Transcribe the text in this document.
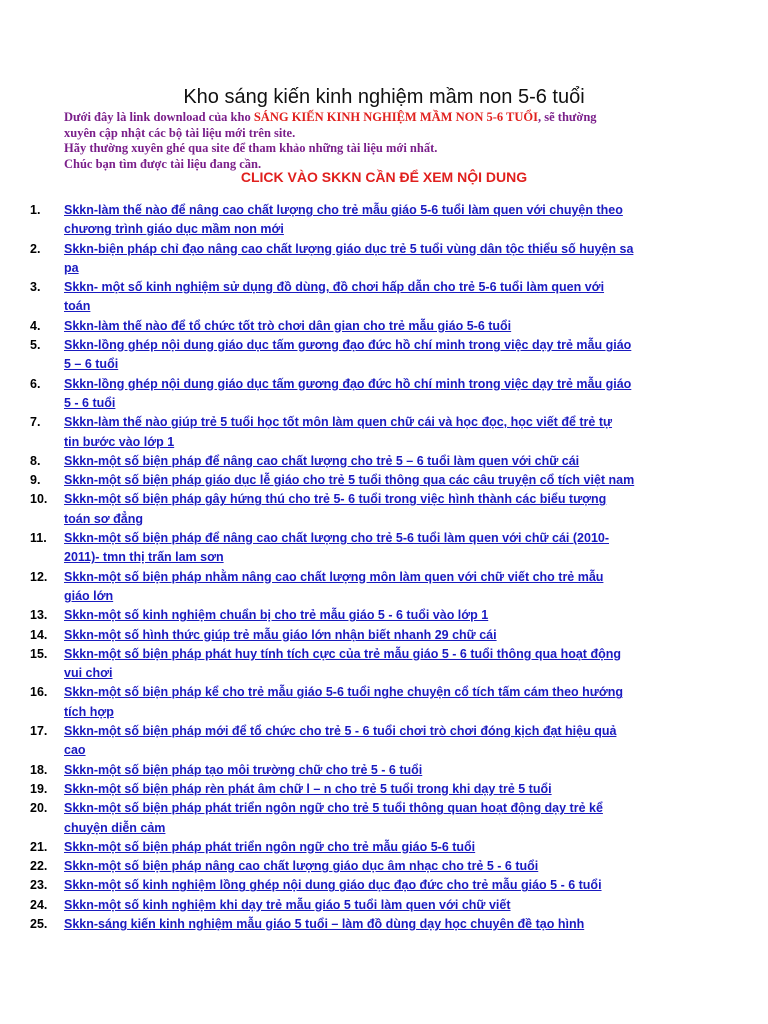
Kho sáng kiến kinh nghiệm mầm non 5-6 tuổi
Dưới đây là link download của kho SÁNG KIẾN KINH NGHIỆM MẦM NON 5-6 TUỔI, sẽ thường
xuyên cập nhật các bộ tài liệu mới trên site.
Hãy thường xuyên ghé qua site để tham khảo những tài liệu mới nhất.
Chúc bạn tìm được tài liệu đang cần.
CLICK VÀO SKKN CẦN ĐỂ XEM NỘI DUNG
1.	Skkn-làm thế nào để nâng cao chất lượng cho trẻ mẫu giáo 5-6 tuổi làm quen với chuyện theo
chương trình giáo dục mầm non mới
2.	Skkn-biện pháp chỉ đạo nâng cao chất lượng giáo dục trẻ 5 tuổi vùng dân tộc thiểu số huyện sa
pa
3.	Skkn- một số kinh nghiệm sử dụng đồ dùng, đồ chơi hấp dẫn cho trẻ 5-6 tuổi làm quen với
toán
4.	Skkn-làm thế nào để tổ chức tốt trò chơi dân gian cho trẻ mẫu giáo 5-6 tuổi
5.	Skkn-lồng ghép nội dung giáo dục tấm gương đạo đức hồ chí minh trong việc dạy trẻ mẫu giáo
5 – 6 tuổi
6.	Skkn-lồng ghép nội dung giáo dục tấm gương đạo đức hồ chí minh trong việc dạy trẻ mẫu giáo
5 - 6 tuổi
7.	Skkn-làm thế nào giúp trẻ 5 tuổi học tốt môn làm quen chữ cái và học đọc, học viết để trẻ tự
tin bước vào lớp 1
8.	Skkn-một số biện pháp để nâng cao chất lượng cho trẻ 5 – 6 tuổi làm quen với chữ cái
9.	Skkn-một số biện pháp giáo dục lễ giáo cho trẻ 5 tuổi thông qua các câu truyện cổ tích việt nam
10.	Skkn-một số biện pháp gây hứng thú cho trẻ 5- 6 tuổi trong việc hình thành các biểu tượng
toán sơ đẳng
11.	Skkn-một số biện pháp để nâng cao chất lượng cho trẻ 5-6 tuổi làm quen với chữ cái (2010-
2011)- tmn thị trấn lam sơn
12.	Skkn-một số biện pháp nhằm nâng cao chất lượng môn làm quen với chữ viết cho trẻ mẫu
giáo lớn
13.	Skkn-một số kinh nghiệm chuẩn bị cho trẻ mẫu giáo 5 - 6 tuổi vào lớp 1
14.	Skkn-một số hình thức giúp trẻ mẫu giáo lớn nhận biết nhanh 29 chữ cái
15.	Skkn-một số biện pháp phát huy tính tích cực của trẻ mẫu giáo 5 - 6 tuổi thông qua hoạt động
vui chơi
16.	Skkn-một số biện pháp kể cho trẻ mẫu giáo 5-6 tuổi nghe chuyện cổ tích tấm cám theo hướng
tích hợp
17.	Skkn-một số biện pháp mới để tổ chức cho trẻ 5 - 6 tuổi chơi trò chơi đóng kịch đạt hiệu quả
cao
18.	Skkn-một số biện pháp tạo môi trường chữ cho trẻ 5 - 6 tuổi
19.	Skkn-một số biện pháp rèn phát âm chữ l – n cho trẻ 5 tuổi trong khi dạy trẻ 5 tuổi
20.	Skkn-một số biện pháp phát triển ngôn ngữ cho trẻ 5 tuổi thông quan hoạt động dạy trẻ kể
chuyện diễn cảm
21.	Skkn-một số biện pháp phát triển ngôn ngữ cho trẻ mẫu giáo 5-6 tuổi
22.	Skkn-một số biện pháp nâng cao chất lượng giáo dục âm nhạc cho trẻ 5 - 6 tuổi
23.	Skkn-một số kinh nghiệm lồng ghép nội dung giáo dục đạo đức cho trẻ mẫu giáo 5 - 6 tuổi
24.	Skkn-một số kinh nghiệm khi dạy trẻ mẫu giáo 5 tuổi làm quen với chữ viết
25.	Skkn-sáng kiến kinh nghiệm mẫu giáo 5 tuổi – làm đồ dùng dạy học chuyên đề tạo hình
